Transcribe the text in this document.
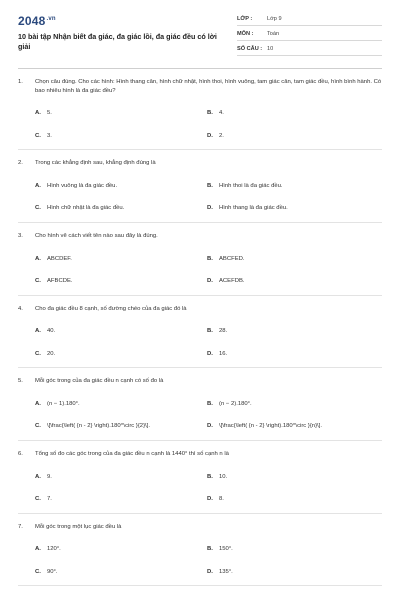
$2048^{.vn}$
10 bài tập Nhận biết đa giác, đa giác lồi, đa giác đều có lời giải
LỚP :	Lớp 9
MÔN :	Toán
SỐ CÂU : 10
1.	Chọn câu đúng. Cho các hình: Hình thang cân, hình chữ nhật, hình thoi, hình vuông, tam giác cân, tam giác đều, hình bình hành. Có bao nhiêu hình là đa giác đều?
A.	5.	B.	4.
C.	3.	D.	2.
2.	Trong các khẳng định sau, khẳng định đúng là
A.	Hình vuông là đa giác đều.	B.	Hình thoi là đa giác đều.
C.	Hình chữ nhật là đa giác đều.	D.	Hình thang là đa giác đều.
3.	Cho hình vẽ cách viết tên nào sau đây là đúng.
A.	ABCDEF.	B.	ABCFED.
C.	AFBCDE.	D.	ACEFDB.
4.	Cho đa giác đều 8 cạnh, số đường chéo của đa giác đó là
A.	40.	B.	28.
C.	20.	D.	16.
5.	Mỗi góc trong của đa giác đều n cạnh có số đo là
A.	(n − 1).180°.	B.	(n − 2).180°.
C.	\[\frac{\left( {n - 2} \right).180^\circ }{2}\].	D.	\[\frac{\left( {n - 2} \right).180^\circ }{n}\].
6.	Tổng số đo các góc trong của đa giác đều n cạnh là 1440° thì số cạnh n là
A.	9.	B.	10.
C.	7.	D.	8.
7.	Mỗi góc trong một lục giác đều là
A.	120°.	B.	150°.
C.	90°.	D.	135°.
